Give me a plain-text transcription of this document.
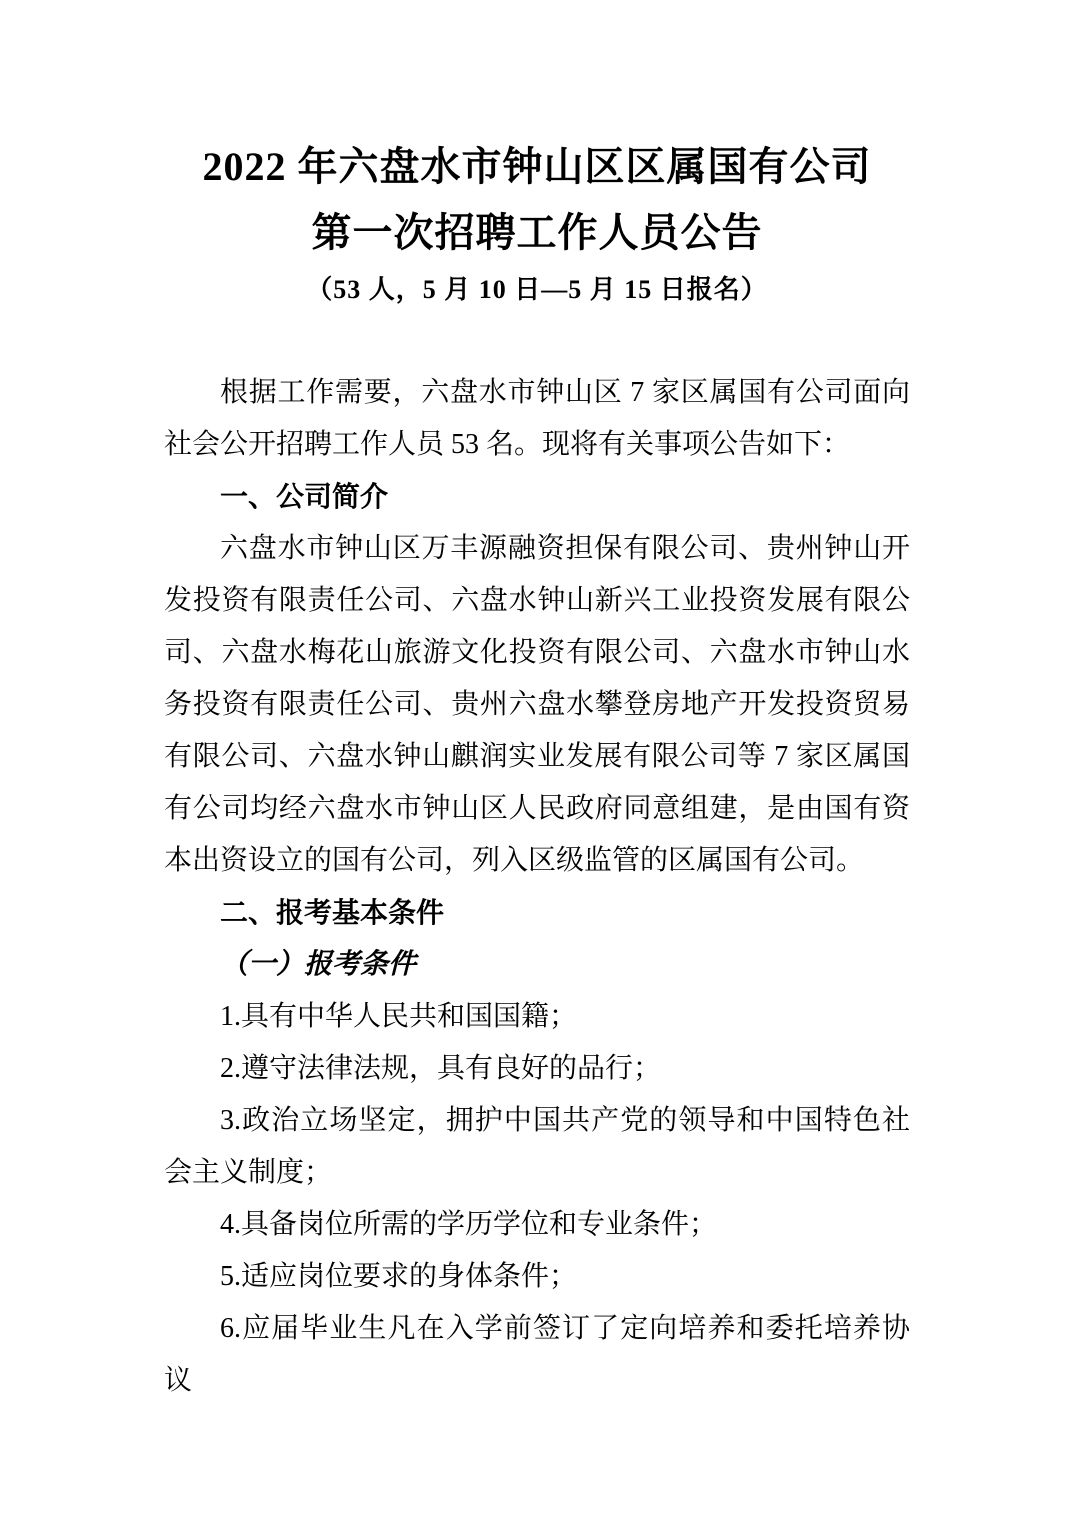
2022 年六盘水市钟山区区属国有公司
第一次招聘工作人员公告
（53 人，5 月 10 日—5 月 15 日报名）

根据工作需要，六盘水市钟山区 7 家区属国有公司面向社会公开招聘工作人员 53 名。现将有关事项公告如下：

一、公司简介

六盘水市钟山区万丰源融资担保有限公司、贵州钟山开发投资有限责任公司、六盘水钟山新兴工业投资发展有限公司、六盘水梅花山旅游文化投资有限公司、六盘水市钟山水务投资有限责任公司、贵州六盘水攀登房地产开发投资贸易有限公司、六盘水钟山麒润实业发展有限公司等 7 家区属国有公司均经六盘水市钟山区人民政府同意组建，是由国有资本出资设立的国有公司，列入区级监管的区属国有公司。

二、报考基本条件

（一）报考条件

1.具有中华人民共和国国籍；

2.遵守法律法规，具有良好的品行；

3.政治立场坚定，拥护中国共产党的领导和中国特色社会主义制度；

4.具备岗位所需的学历学位和专业条件；

5.适应岗位要求的身体条件；

6.应届毕业生凡在入学前签订了定向培养和委托培养协议
